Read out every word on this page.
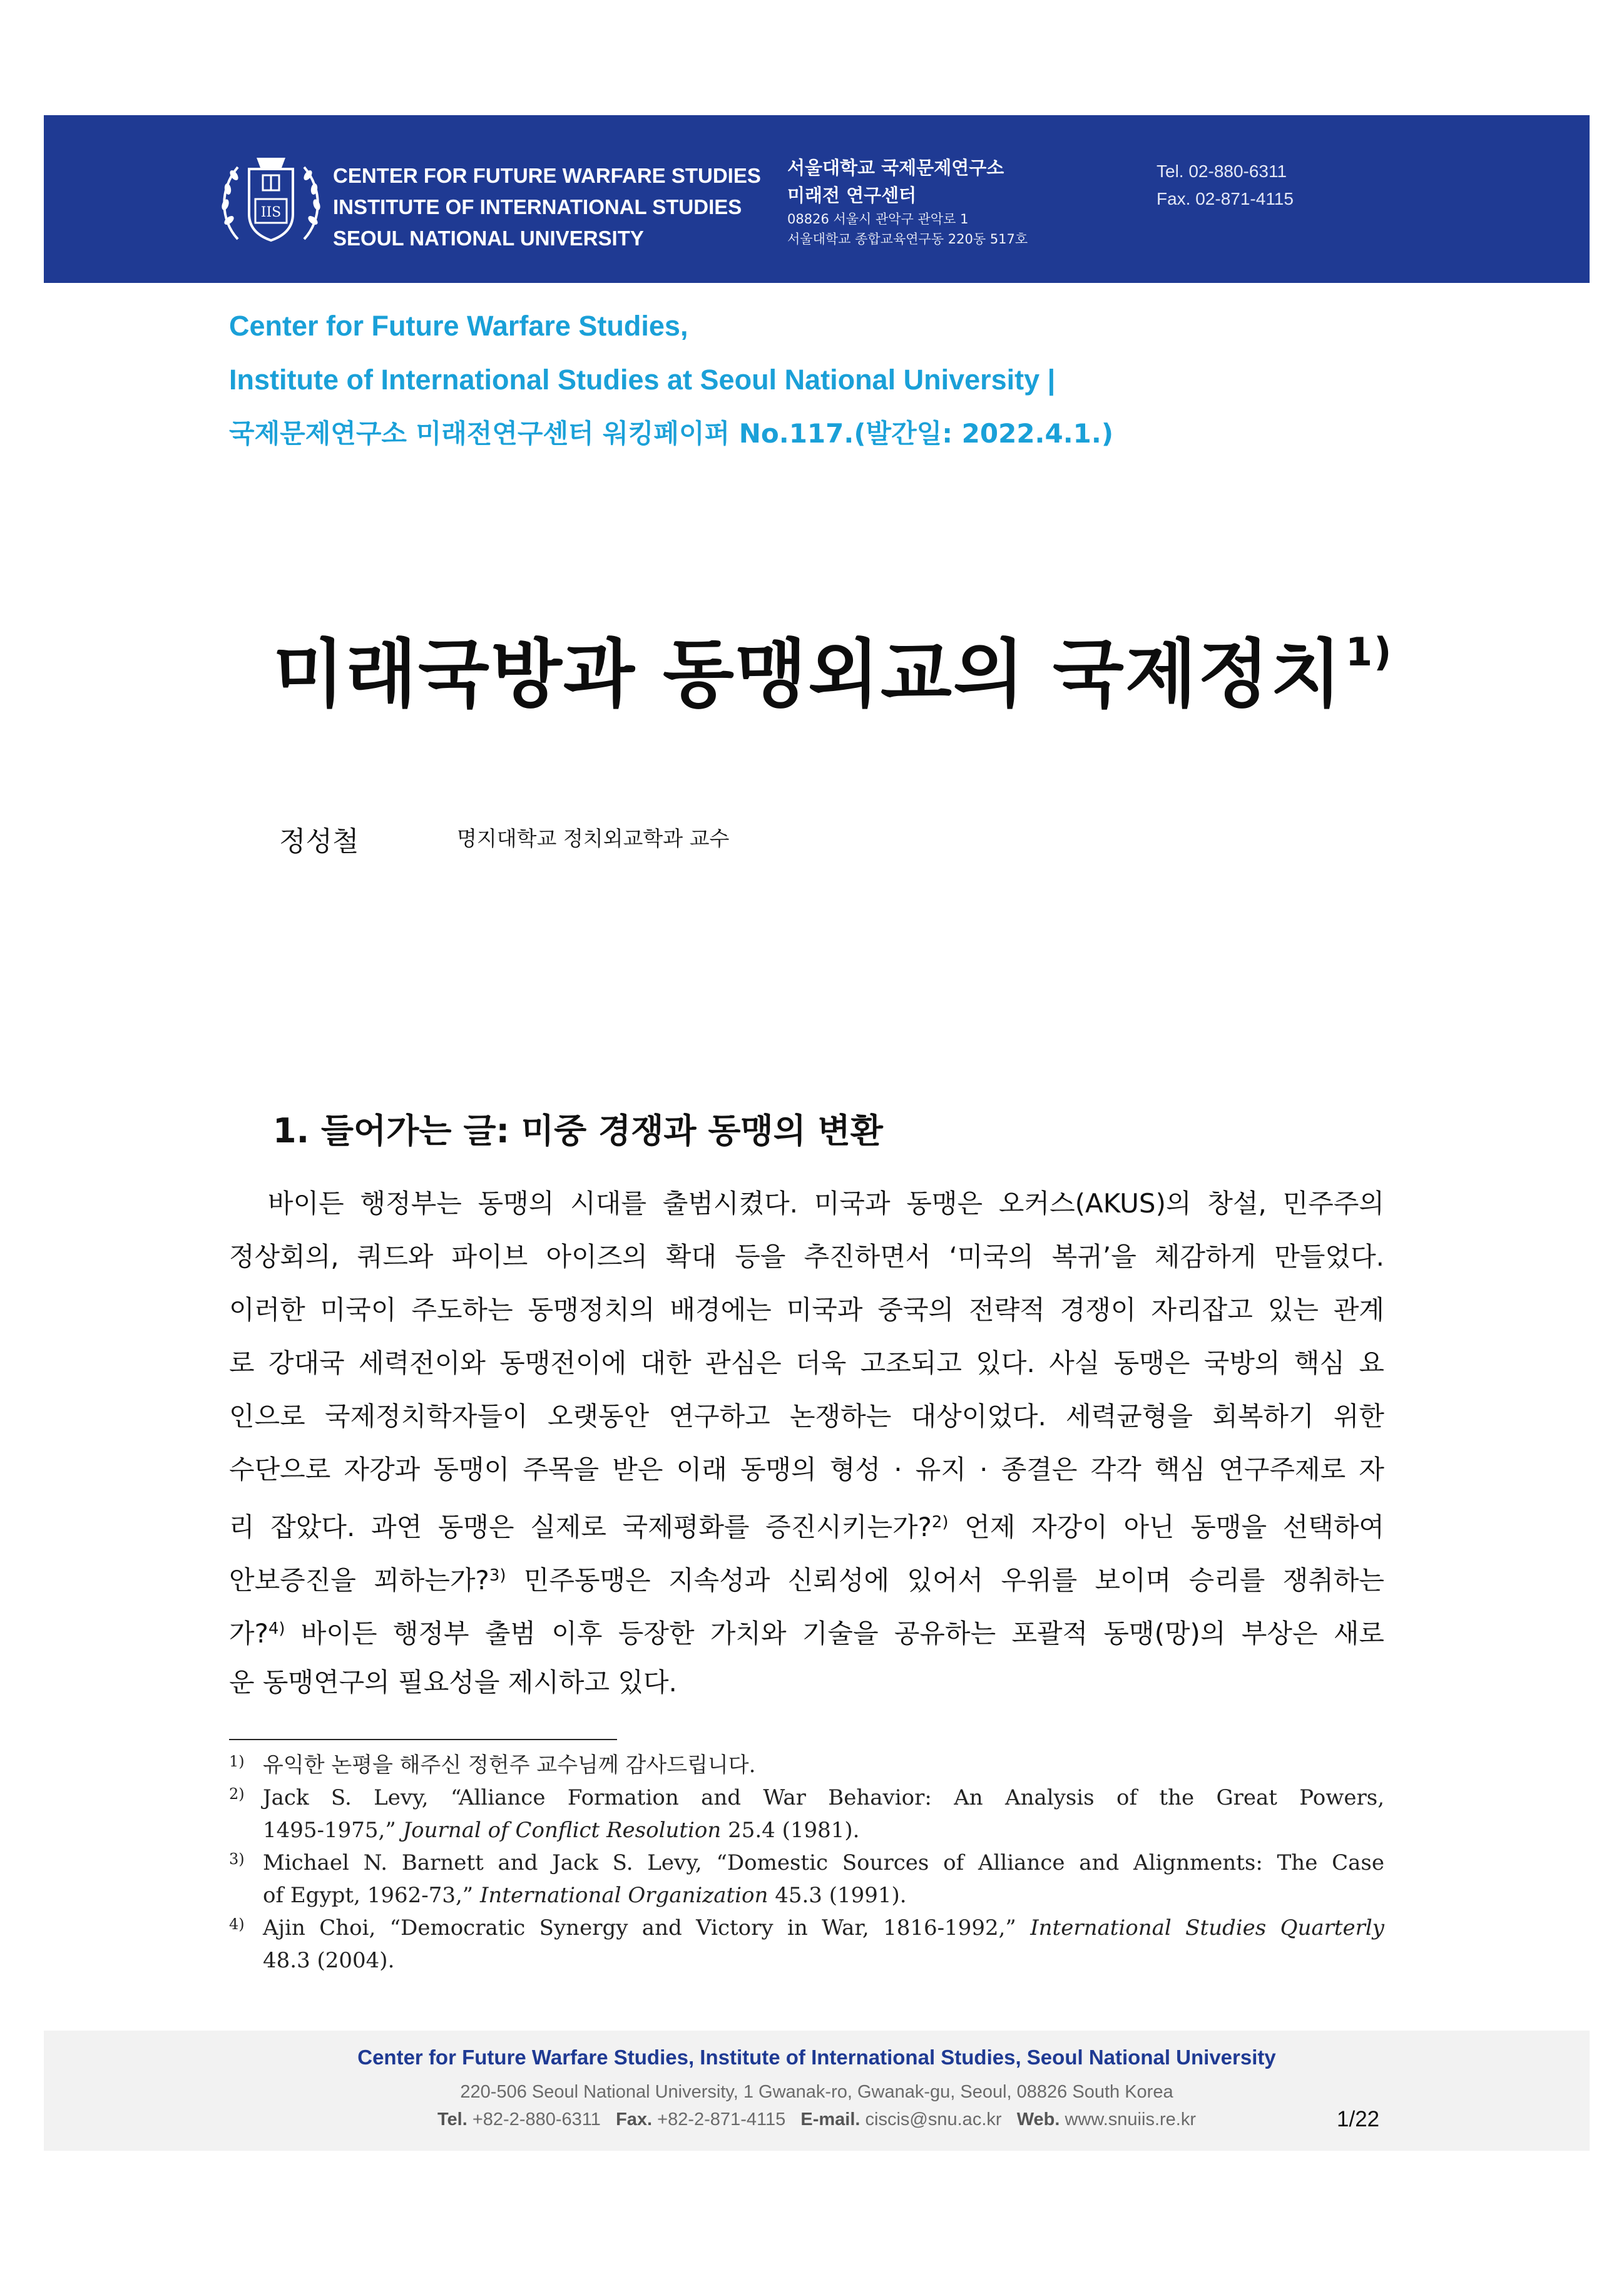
IIS
CENTER FOR FUTURE WARFARE STUDIES
INSTITUTE OF INTERNATIONAL STUDIES
SEOUL NATIONAL UNIVERSITY
서울대학교 국제문제연구소
미래전 연구센터
08826 서울시 관악구 관악로 1
서울대학교 종합교육연구동 220동 517호
Tel. 02-880-6311
Fax. 02-871-4115
Center for Future Warfare Studies,
Institute of International Studies at Seoul National University |
국제문제연구소 미래전연구센터 워킹페이퍼 No.117.(발간일: 2022.4.1.)
미래국방과 동맹외교의 국제정치$^{1)}$
정성철	명지대학교 정치외교학과 교수
1. 들어가는 글: 미중 경쟁과 동맹의 변환
바이든 행정부는 동맹의 시대를 출범시켰다. 미국과 동맹은 오커스(AKUS)의 창설, 민주주의
정상회의, 쿼드와 파이브 아이즈의 확대 등을 추진하면서 ‘미국의 복귀’을 체감하게 만들었다.
이러한 미국이 주도하는 동맹정치의 배경에는 미국과 중국의 전략적 경쟁이 자리잡고 있는 관계
로 강대국 세력전이와 동맹전이에 대한 관심은 더욱 고조되고 있다. 사실 동맹은 국방의 핵심 요
인으로 국제정치학자들이 오랫동안 연구하고 논쟁하는 대상이었다. 세력균형을 회복하기 위한
수단으로 자강과 동맹이 주목을 받은 이래 동맹의 형성 · 유지 · 종결은 각각 핵심 연구주제로 자
리 잡았다. 과연 동맹은 실제로 국제평화를 증진시키는가?$^{2)}$ 언제 자강이 아닌 동맹을 선택하여
안보증진을 꾀하는가?$^{3)}$ 민주동맹은 지속성과 신뢰성에 있어서 우위를 보이며 승리를 쟁취하는
가?$^{4)}$ 바이든 행정부 출범 이후 등장한 가치와 기술을 공유하는 포괄적 동맹(망)의 부상은 새로
운 동맹연구의 필요성을 제시하고 있다.
1) 유익한 논평을 해주신 정헌주 교수님께 감사드립니다.
2) Jack S. Levy, “Alliance Formation and War Behavior: An Analysis of the Great Powers,
1495-1975,” Journal of Conflict Resolution 25.4 (1981).
3) Michael N. Barnett and Jack S. Levy, “Domestic Sources of Alliance and Alignments: The Case
of Egypt, 1962-73,” International Organization 45.3 (1991).
4) Ajin Choi, “Democratic Synergy and Victory in War, 1816-1992,” International Studies Quarterly
48.3 (2004).
Center for Future Warfare Studies, Institute of International Studies, Seoul National University
220-506 Seoul National University, 1 Gwanak-ro, Gwanak-gu, Seoul, 08826 South Korea
Tel. +82-2-880-6311 Fax. +82-2-871-4115 E-mail. ciscis@snu.ac.kr Web. www.snuiis.re.kr	1/22
